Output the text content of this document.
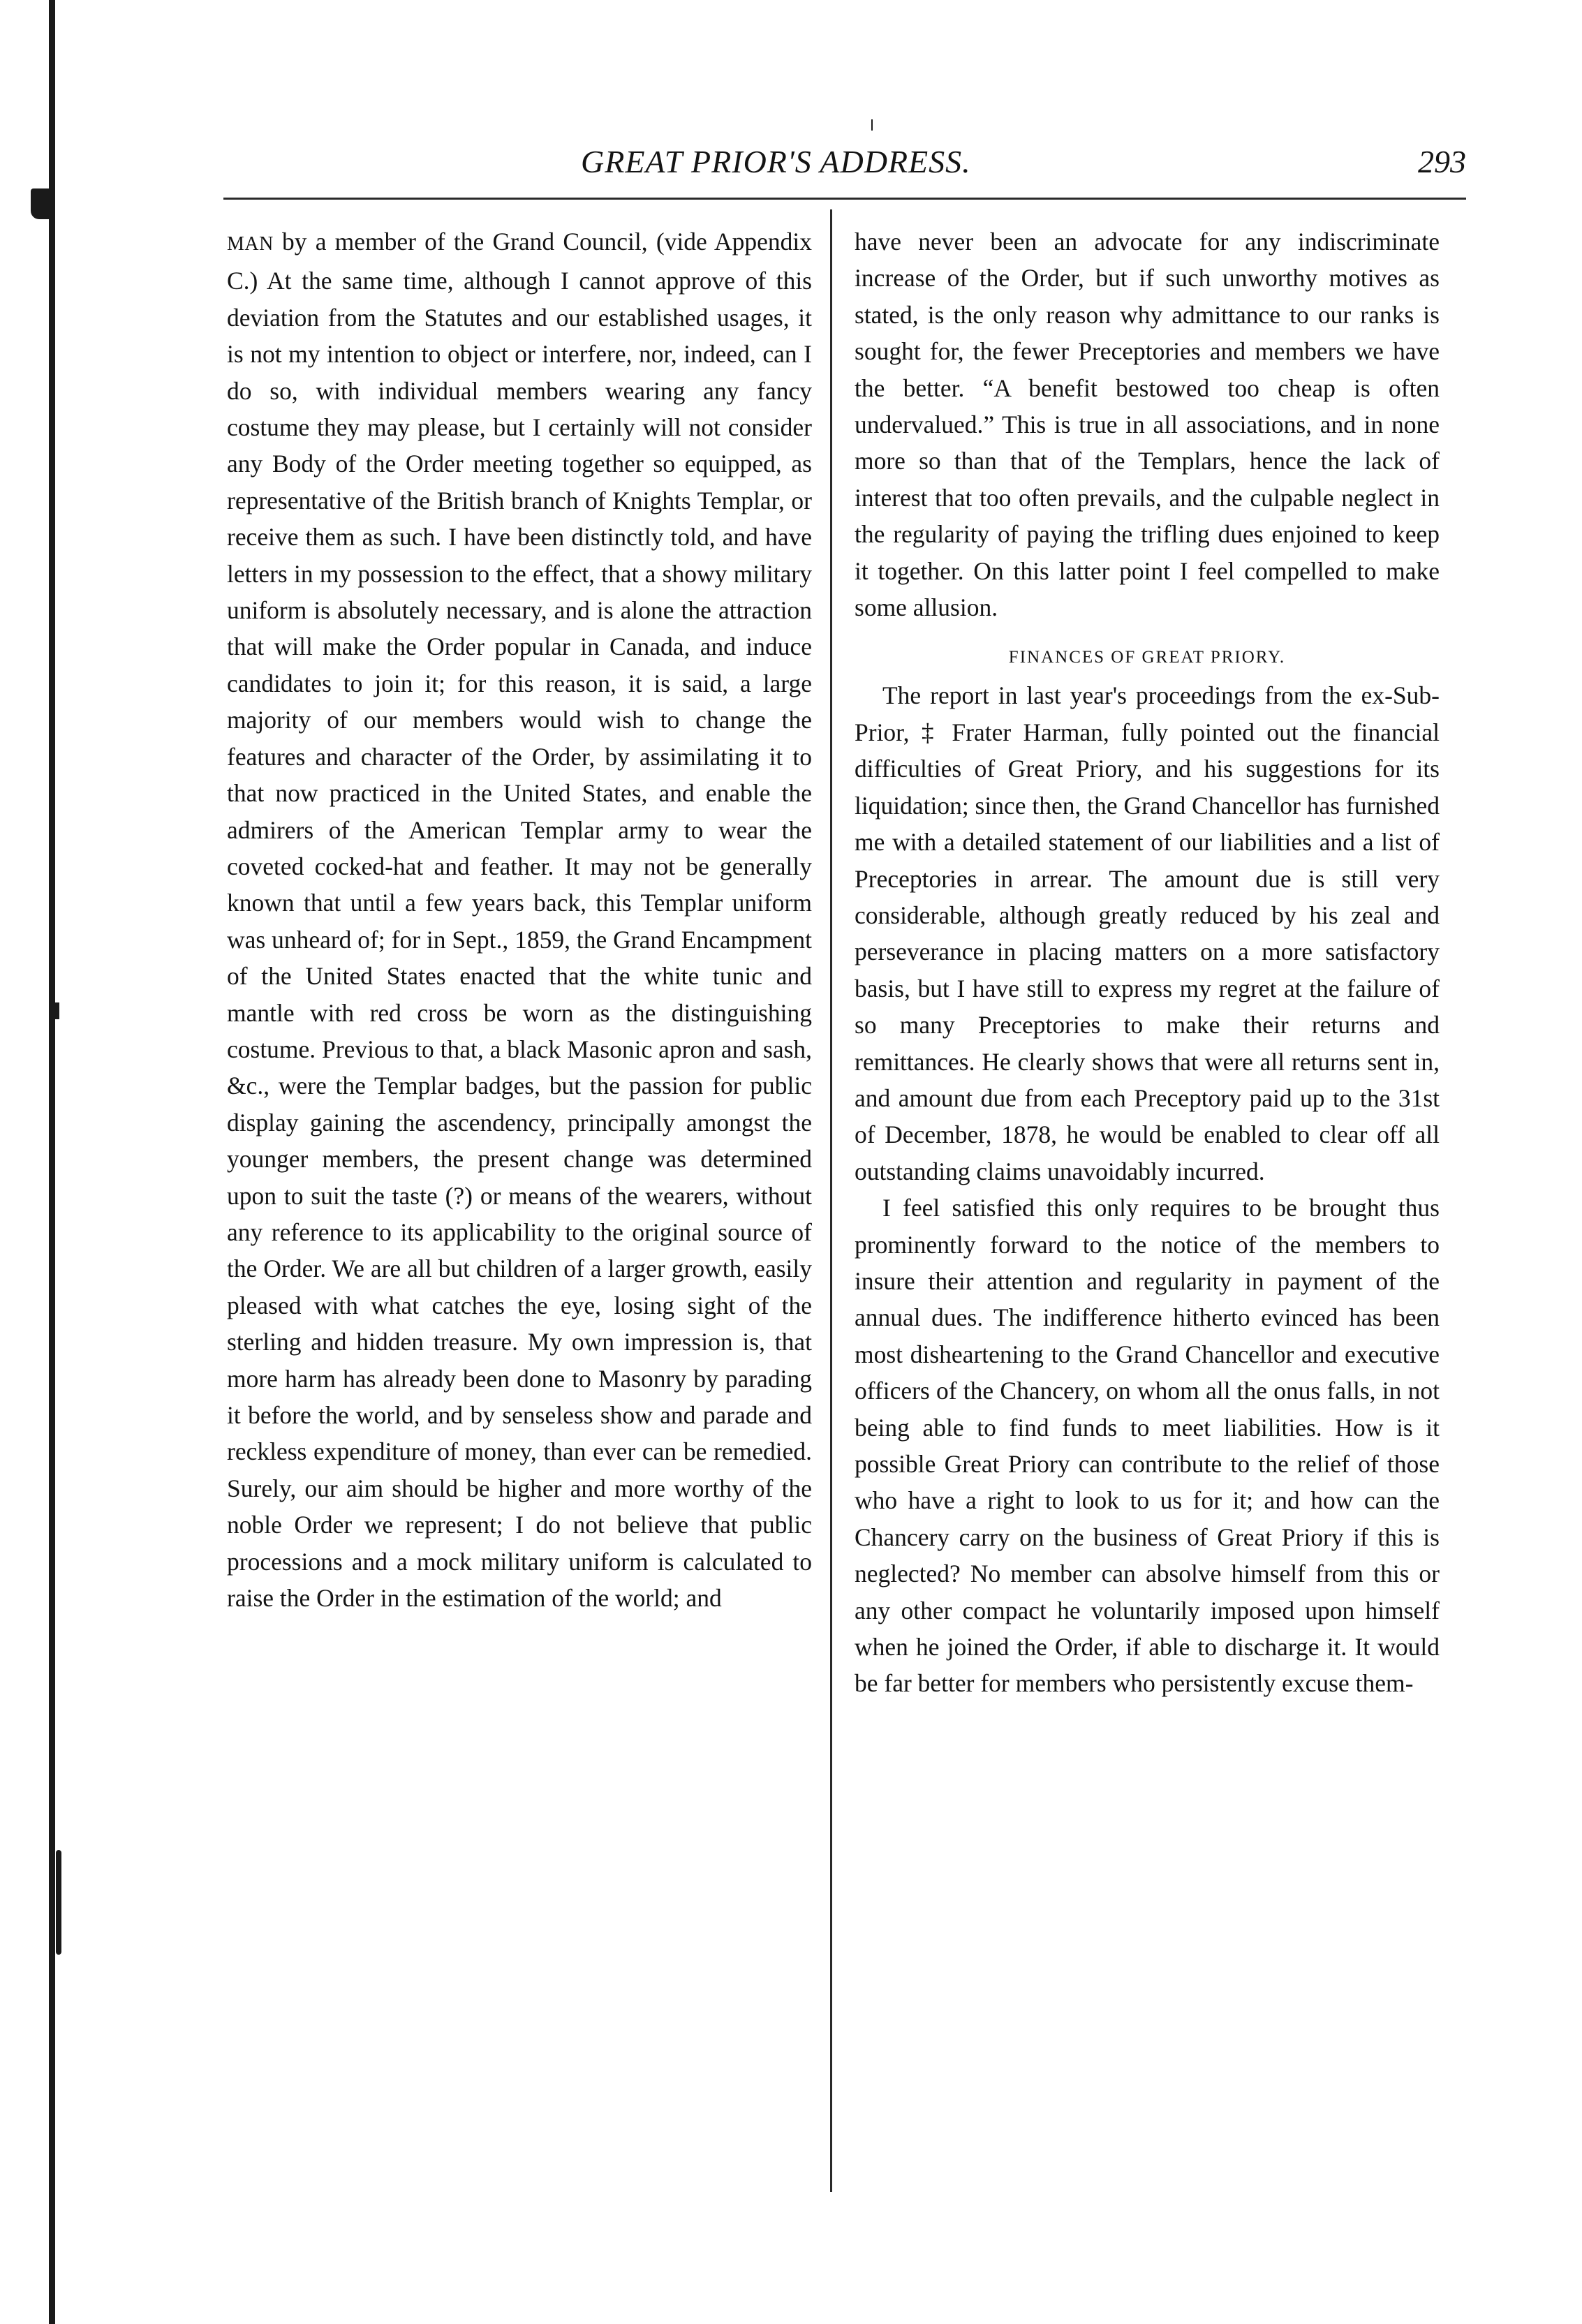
GREAT PRIOR'S ADDRESS.	293

MAN by a member of the Grand Council, (vide Appendix C.) At the same time, although I cannot approve of this deviation from the Statutes and our established usages, it is not my intention to object or interfere, nor, indeed, can I do so, with individual members wearing any fancy costume they may please, but I certainly will not consider any Body of the Order meeting together so equipped, as representative of the British branch of Knights Templar, or receive them as such. I have been distinctly told, and have letters in my possession to the effect, that a showy military uniform is absolutely necessary, and is alone the attraction that will make the Order popular in Canada, and induce candidates to join it; for this reason, it is said, a large majority of our members would wish to change the features and character of the Order, by assimilating it to that now practiced in the United States, and enable the admirers of the American Templar army to wear the coveted cocked-hat and feather. It may not be generally known that until a few years back, this Templar uniform was unheard of; for in Sept., 1859, the Grand Encampment of the United States enacted that the white tunic and mantle with red cross be worn as the distinguishing costume. Previous to that, a black Masonic apron and sash, &c., were the Templar badges, but the passion for public display gaining the ascendency, principally amongst the younger members, the present change was determined upon to suit the taste (?) or means of the wearers, without any reference to its applicability to the original source of the Order. We are all but children of a larger growth, easily pleased with what catches the eye, losing sight of the sterling and hidden treasure. My own impression is, that more harm has already been done to Masonry by parading it before the world, and by senseless show and parade and reckless expenditure of money, than ever can be remedied. Surely, our aim should be higher and more worthy of the noble Order we represent; I do not believe that public processions and a mock military uniform is calculated to raise the Order in the estimation of the world; and

have never been an advocate for any indiscriminate increase of the Order, but if such unworthy motives as stated, is the only reason why admittance to our ranks is sought for, the fewer Preceptories and members we have the better. “A benefit bestowed too cheap is often undervalued.” This is true in all associations, and in none more so than that of the Templars, hence the lack of interest that too often prevails, and the culpable neglect in the regularity of paying the trifling dues enjoined to keep it together. On this latter point I feel compelled to make some allusion.

FINANCES OF GREAT PRIORY.

The report in last year's proceedings from the ex-Sub-Prior, ‡ Frater Harman, fully pointed out the financial difficulties of Great Priory, and his suggestions for its liquidation; since then, the Grand Chancellor has furnished me with a detailed statement of our liabilities and a list of Preceptories in arrear. The amount due is still very considerable, although greatly reduced by his zeal and perseverance in placing matters on a more satisfactory basis, but I have still to express my regret at the failure of so many Preceptories to make their returns and remittances. He clearly shows that were all returns sent in, and amount due from each Preceptory paid up to the 31st of December, 1878, he would be enabled to clear off all outstanding claims unavoidably incurred.

I feel satisfied this only requires to be brought thus prominently forward to the notice of the members to insure their attention and regularity in payment of the annual dues. The indifference hitherto evinced has been most disheartening to the Grand Chancellor and executive officers of the Chancery, on whom all the onus falls, in not being able to find funds to meet liabilities. How is it possible Great Priory can contribute to the relief of those who have a right to look to us for it; and how can the Chancery carry on the business of Great Priory if this is neglected? No member can absolve himself from this or any other compact he voluntarily imposed upon himself when he joined the Order, if able to discharge it. It would be far better for members who persistently excuse them-
